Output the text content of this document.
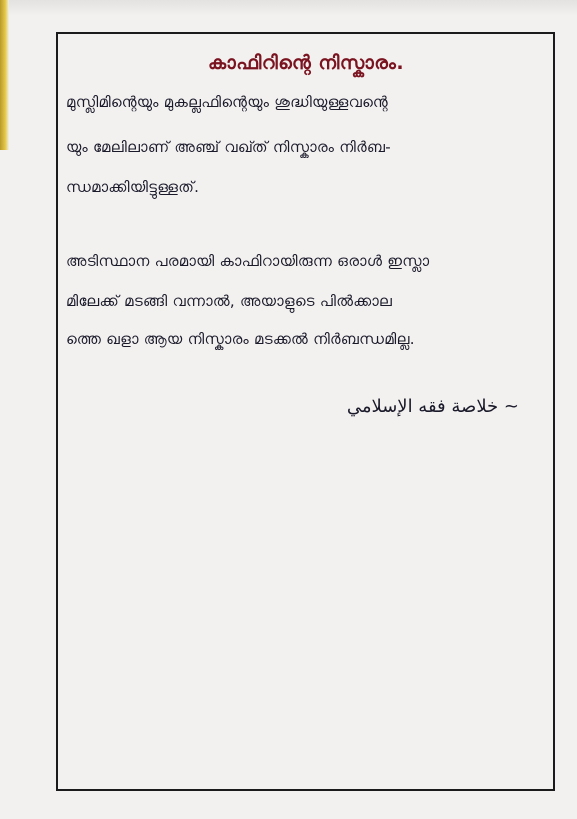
കാഫിറിന്റെ നിസ്കാരം.

മുസ്ലിമിന്റെയും മുകല്ലഫിന്റെയും ശുദ്ധിയുള്ളവന്റെ

യും മേലിലാണ് അഞ്ച് വഖ്ത് നിസ്കാരം നിർബ-

ന്ധമാക്കിയിട്ടുള്ളത്.

അടിസ്ഥാന പരമായി കാഫിറായിരുന്ന ഒരാൾ ഇസ്ലാ

മിലേക്ക് മടങ്ങി വന്നാൽ, അയാളുടെ പിൽക്കാല

ത്തെ ഖളാ ആയ നിസ്കാരം മടക്കൽ നിർബന്ധമില്ല.

~ خلاصة فقه الإسلامي
